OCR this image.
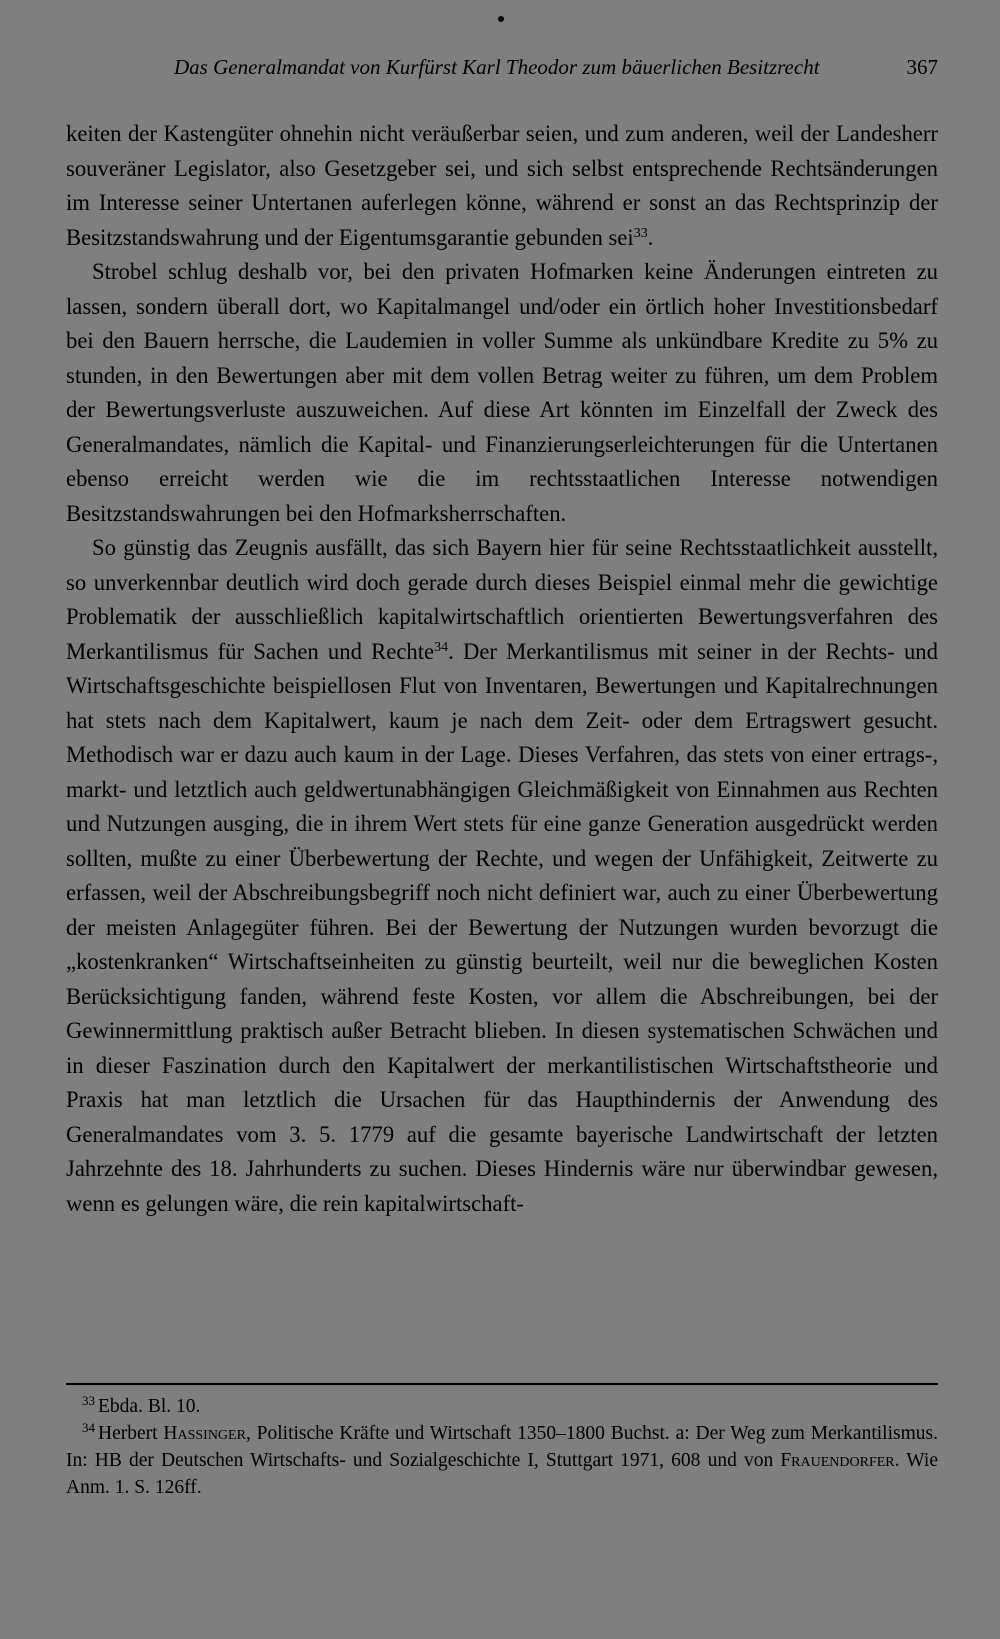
Das Generalmandat von Kurfürst Karl Theodor zum bäuerlichen Besitzrecht	367

keiten der Kastengüter ohnehin nicht veräußerbar seien, und zum anderen, weil der Landesherr souveräner Legislator, also Gesetzgeber sei, und sich selbst entsprechende Rechtsänderungen im Interesse seiner Untertanen auferlegen könne, während er sonst an das Rechtsprinzip der Besitzstandswahrung und der Eigentumsgarantie gebunden sei$^{33}$.

Strobel schlug deshalb vor, bei den privaten Hofmarken keine Änderungen eintreten zu lassen, sondern überall dort, wo Kapitalmangel und/oder ein örtlich hoher Investitionsbedarf bei den Bauern herrsche, die Laudemien in voller Summe als unkündbare Kredite zu 5% zu stunden, in den Bewertungen aber mit dem vollen Betrag weiter zu führen, um dem Problem der Bewertungsverluste auszuweichen. Auf diese Art könnten im Einzelfall der Zweck des Generalmandates, nämlich die Kapital- und Finanzierungserleichterungen für die Untertanen ebenso erreicht werden wie die im rechtsstaatlichen Interesse notwendigen Besitzstandswahrungen bei den Hofmarksherrschaften.

So günstig das Zeugnis ausfällt, das sich Bayern hier für seine Rechtsstaatlichkeit ausstellt, so unverkennbar deutlich wird doch gerade durch dieses Beispiel einmal mehr die gewichtige Problematik der ausschließlich kapitalwirtschaftlich orientierten Bewertungsverfahren des Merkantilismus für Sachen und Rechte$^{34}$. Der Merkantilismus mit seiner in der Rechts- und Wirtschaftsgeschichte beispiellosen Flut von Inventaren, Bewertungen und Kapitalrechnungen hat stets nach dem Kapitalwert, kaum je nach dem Zeit- oder dem Ertragswert gesucht. Methodisch war er dazu auch kaum in der Lage. Dieses Verfahren, das stets von einer ertrags-, markt- und letztlich auch geldwertunabhängigen Gleichmäßigkeit von Einnahmen aus Rechten und Nutzungen ausging, die in ihrem Wert stets für eine ganze Generation ausgedrückt werden sollten, mußte zu einer Überbewertung der Rechte, und wegen der Unfähigkeit, Zeitwerte zu erfassen, weil der Abschreibungsbegriff noch nicht definiert war, auch zu einer Überbewertung der meisten Anlagegüter führen. Bei der Bewertung der Nutzungen wurden bevorzugt die „kostenkranken“ Wirtschaftseinheiten zu günstig beurteilt, weil nur die beweglichen Kosten Berücksichtigung fanden, während feste Kosten, vor allem die Abschreibungen, bei der Gewinnermittlung praktisch außer Betracht blieben. In diesen systematischen Schwächen und in dieser Faszination durch den Kapitalwert der merkantilistischen Wirtschaftstheorie und Praxis hat man letztlich die Ursachen für das Haupthindernis der Anwendung des Generalmandates vom 3. 5. 1779 auf die gesamte bayerische Landwirtschaft der letzten Jahrzehnte des 18. Jahrhunderts zu suchen. Dieses Hindernis wäre nur überwindbar gewesen, wenn es gelungen wäre, die rein kapitalwirtschaft-

$^{33}$ Ebda. Bl. 10.

$^{34}$ Herbert Hassinger, Politische Kräfte und Wirtschaft 1350–1800 Buchst. a: Der Weg zum Merkantilismus. In: HB der Deutschen Wirtschafts- und Sozialgeschichte I, Stuttgart 1971, 608 und von Frauendorfer. Wie Anm. 1. S. 126ff.
